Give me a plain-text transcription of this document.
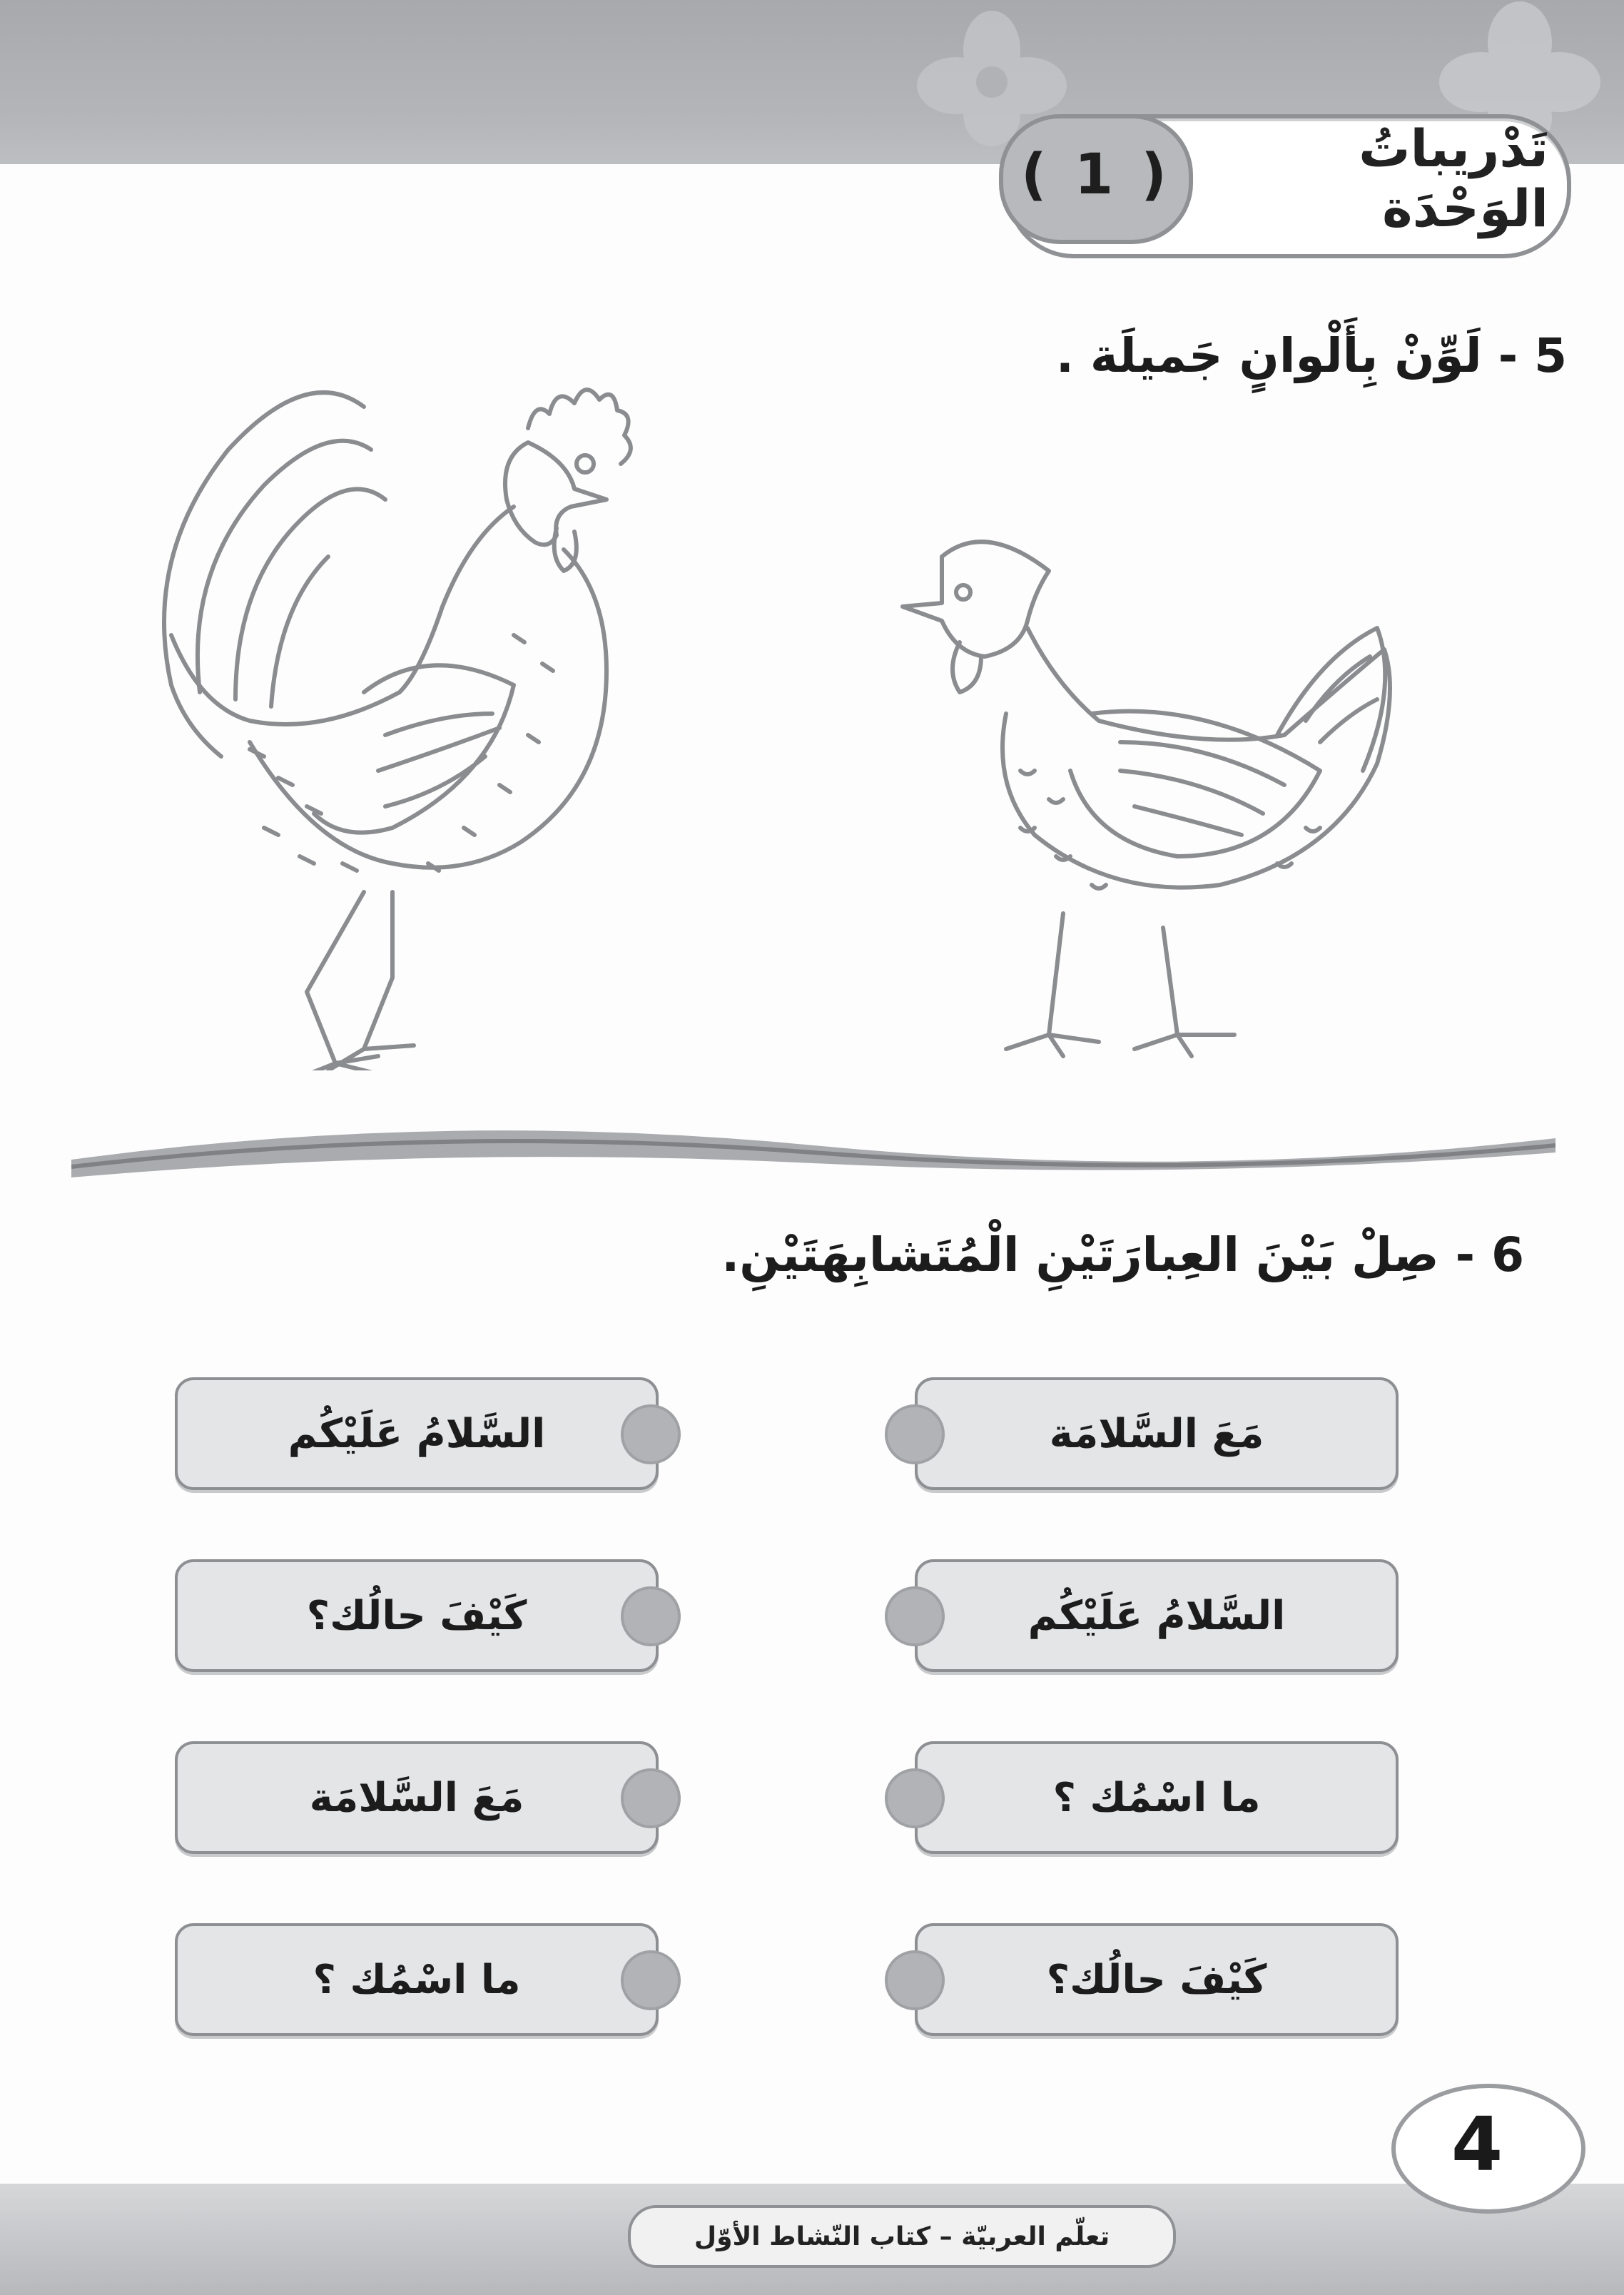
تَدْريباتُ الوَحْدَة
( 1 )
5 - لَوِّنْ بِأَلْوانٍ جَميلَة .
6 - صِلْ بَيْنَ العِبارَتَيْنِ الْمُتَشابِهَتَيْنِ.
مَعَ السَّلامَة
السَّلامُ عَلَيْكُم
ما اسْمُك ؟
كَيْفَ حالُك؟
السَّلامُ عَلَيْكُم
كَيْفَ حالُك؟
مَعَ السَّلامَة
ما اسْمُك ؟
تعلّم العربيّة – كتاب النّشاط الأوّل
4
